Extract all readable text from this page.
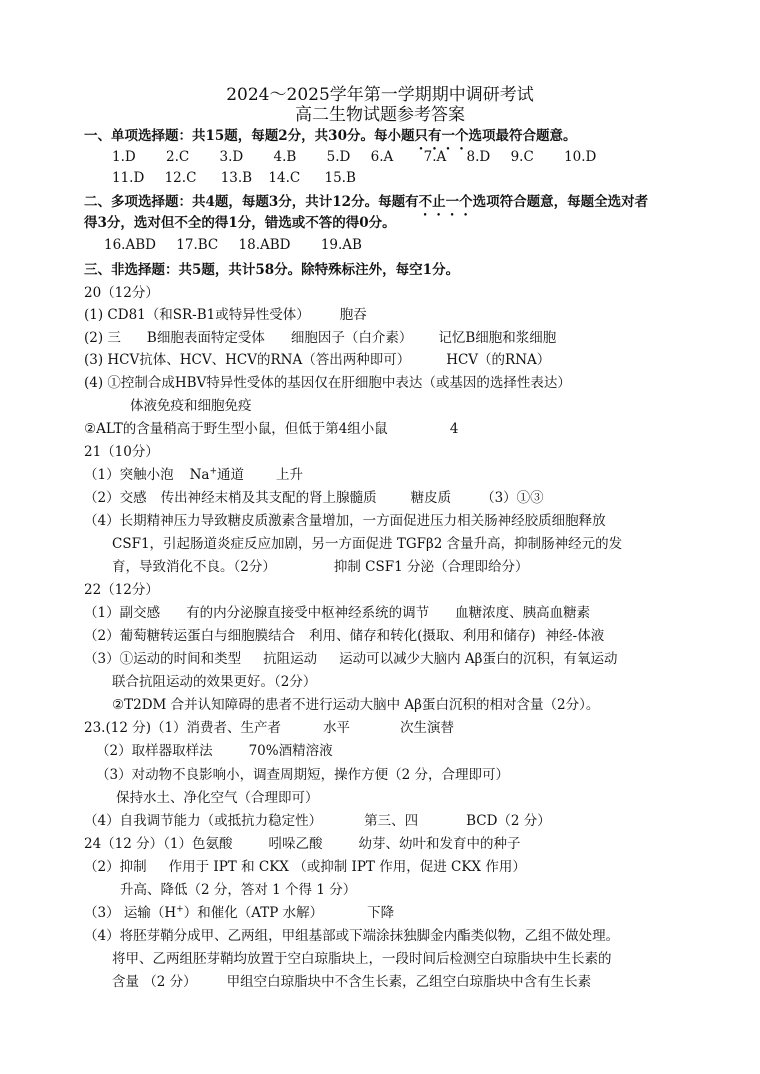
2024～2025学年第一学期期中调研考试
高二生物试题参考答案
一、单项选择题：共15题，每题2分，共30分。每小题只有一个选项最符合题意。
1.D 2.C 3.D 4.B 5.D 6.A 7.A 8.D 9.C 10.D
11.D 12.C 13.B 14.C 15.B
二、多项选择题：共4题，每题3分，共计12分。每题有不止一个选项符合题意，每题全选对者
得3分，选对但不全的得1分，错选或不答的得0分。
16.ABD 17.BC 18.ABD 19.AB
三、非选择题：共5题，共计58分。除特殊标注外，每空1分。
20（12分）
(1) CD81（和SR-B1或特异性受体） 胞吞
(2) 三 B细胞表面特定受体 细胞因子（白介素） 记忆B细胞和浆细胞
(3) HCV抗体、HCV、HCV的RNA（答出两种即可）	HCV（的RNA）
(4) ①控制合成HBV特异性受体的基因仅在肝细胞中表达（或基因的选择性表达）
体液免疫和细胞免疫
②ALT的含量稍高于野生型小鼠，但低于第4组小鼠	4
21（10分）
（1）突触小泡 Na+通道 上升
（2）交感 传出神经末梢及其支配的肾上腺髓质	糖皮质 （3）①③
（4）长期精神压力导致糖皮质激素含量增加，一方面促进压力相关肠神经胶质细胞释放
CSF1，引起肠道炎症反应加剧，另一方面促进 TGFβ2 含量升高，抑制肠神经元的发
育，导致消化不良。（2分）	抑制 CSF1 分泌（合理即给分）
22（12分）
（1）副交感 有的内分泌腺直接受中枢神经系统的调节 血糖浓度、胰高血糖素
（2）葡萄糖转运蛋白与细胞膜结合 利用、储存和转化(摄取、利用和储存) 神经-体液
（3）①运动的时间和类型 抗阻运动 运动可以减少大脑内 Aβ蛋白的沉积，有氧运动
联合抗阻运动的效果更好。（2分）
②T2DM 合并认知障碍的患者不进行运动大脑中 Aβ蛋白沉积的相对含量（2分）。
23.(12 分)（1）消费者、生产者	水平	次生演替
（2）取样器取样法	70%酒精溶液
（3）对动物不良影响小，调查周期短，操作方便（2 分，合理即可）
保持水土、净化空气（合理即可）
（4）自我调节能力（或抵抗力稳定性）	第三、四	BCD（2 分）
24（12 分）（1）色氨酸	吲哚乙酸	幼芽、幼叶和发育中的种子
（2）抑制 作用于 IPT 和 CKX （或抑制 IPT 作用，促进 CKX 作用）
升高、降低（2 分，答对 1 个得 1 分）
（3） 运输（H+）和催化（ATP 水解）	下降
（4）将胚芽鞘分成甲、乙两组，甲组基部或下端涂抹独脚金内酯类似物，乙组不做处理。
将甲、乙两组胚芽鞘均放置于空白琼脂块上，一段时间后检测空白琼脂块中生长素的
含量 （2 分） 甲组空白琼脂块中不含生长素，乙组空白琼脂块中含有生长素
